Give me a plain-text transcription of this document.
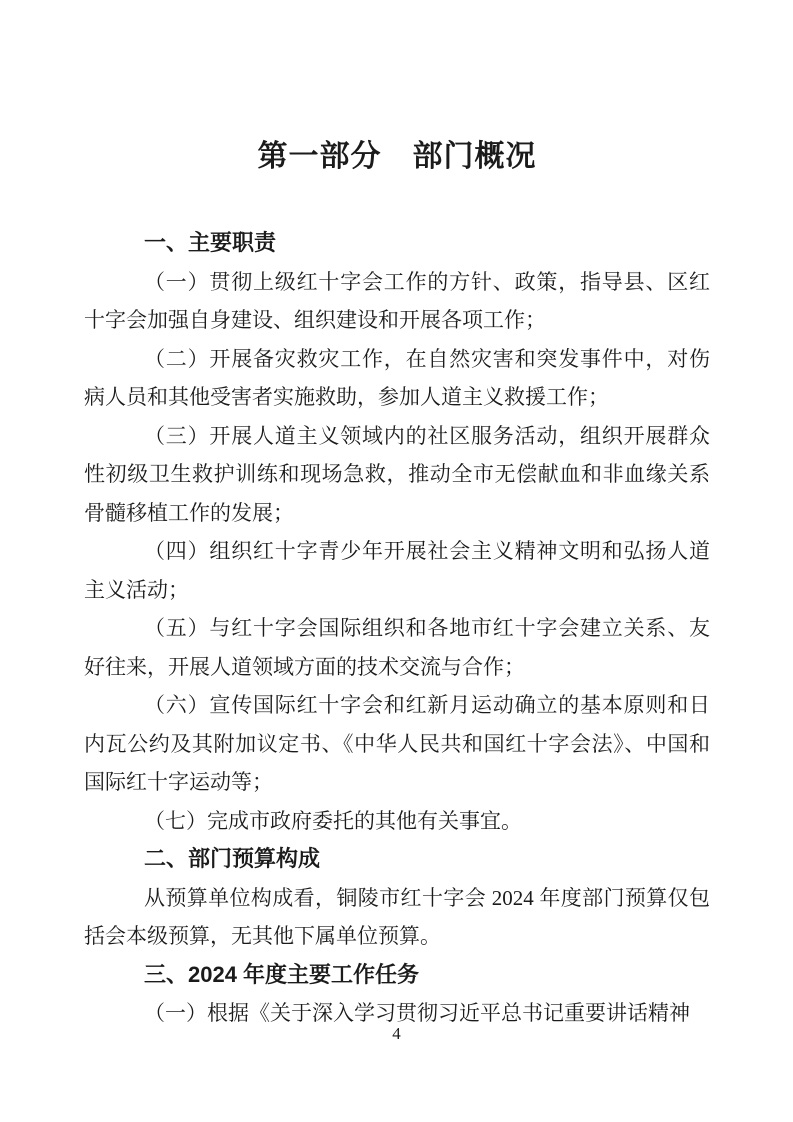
第一部分　部门概况
一、主要职责

（一）贯彻上级红十字会工作的方针、政策，指导县、区红十字会加强自身建设、组织建设和开展各项工作；

（二）开展备灾救灾工作，在自然灾害和突发事件中，对伤病人员和其他受害者实施救助，参加人道主义救援工作；

（三）开展人道主义领域内的社区服务活动，组织开展群众性初级卫生救护训练和现场急救，推动全市无偿献血和非血缘关系骨髓移植工作的发展；

（四）组织红十字青少年开展社会主义精神文明和弘扬人道主义活动；

（五）与红十字会国际组织和各地市红十字会建立关系、友好往来，开展人道领域方面的技术交流与合作；

（六）宣传国际红十字会和红新月运动确立的基本原则和日内瓦公约及其附加议定书、《中华人民共和国红十字会法》、中国和国际红十字运动等；

（七）完成市政府委托的其他有关事宜。

二、部门预算构成

从预算单位构成看，铜陵市红十字会 2024 年度部门预算仅包括会本级预算，无其他下属单位预算。

三、2024 年度主要工作任务

（一）根据《关于深入学习贯彻习近平总书记重要讲话精神

4
